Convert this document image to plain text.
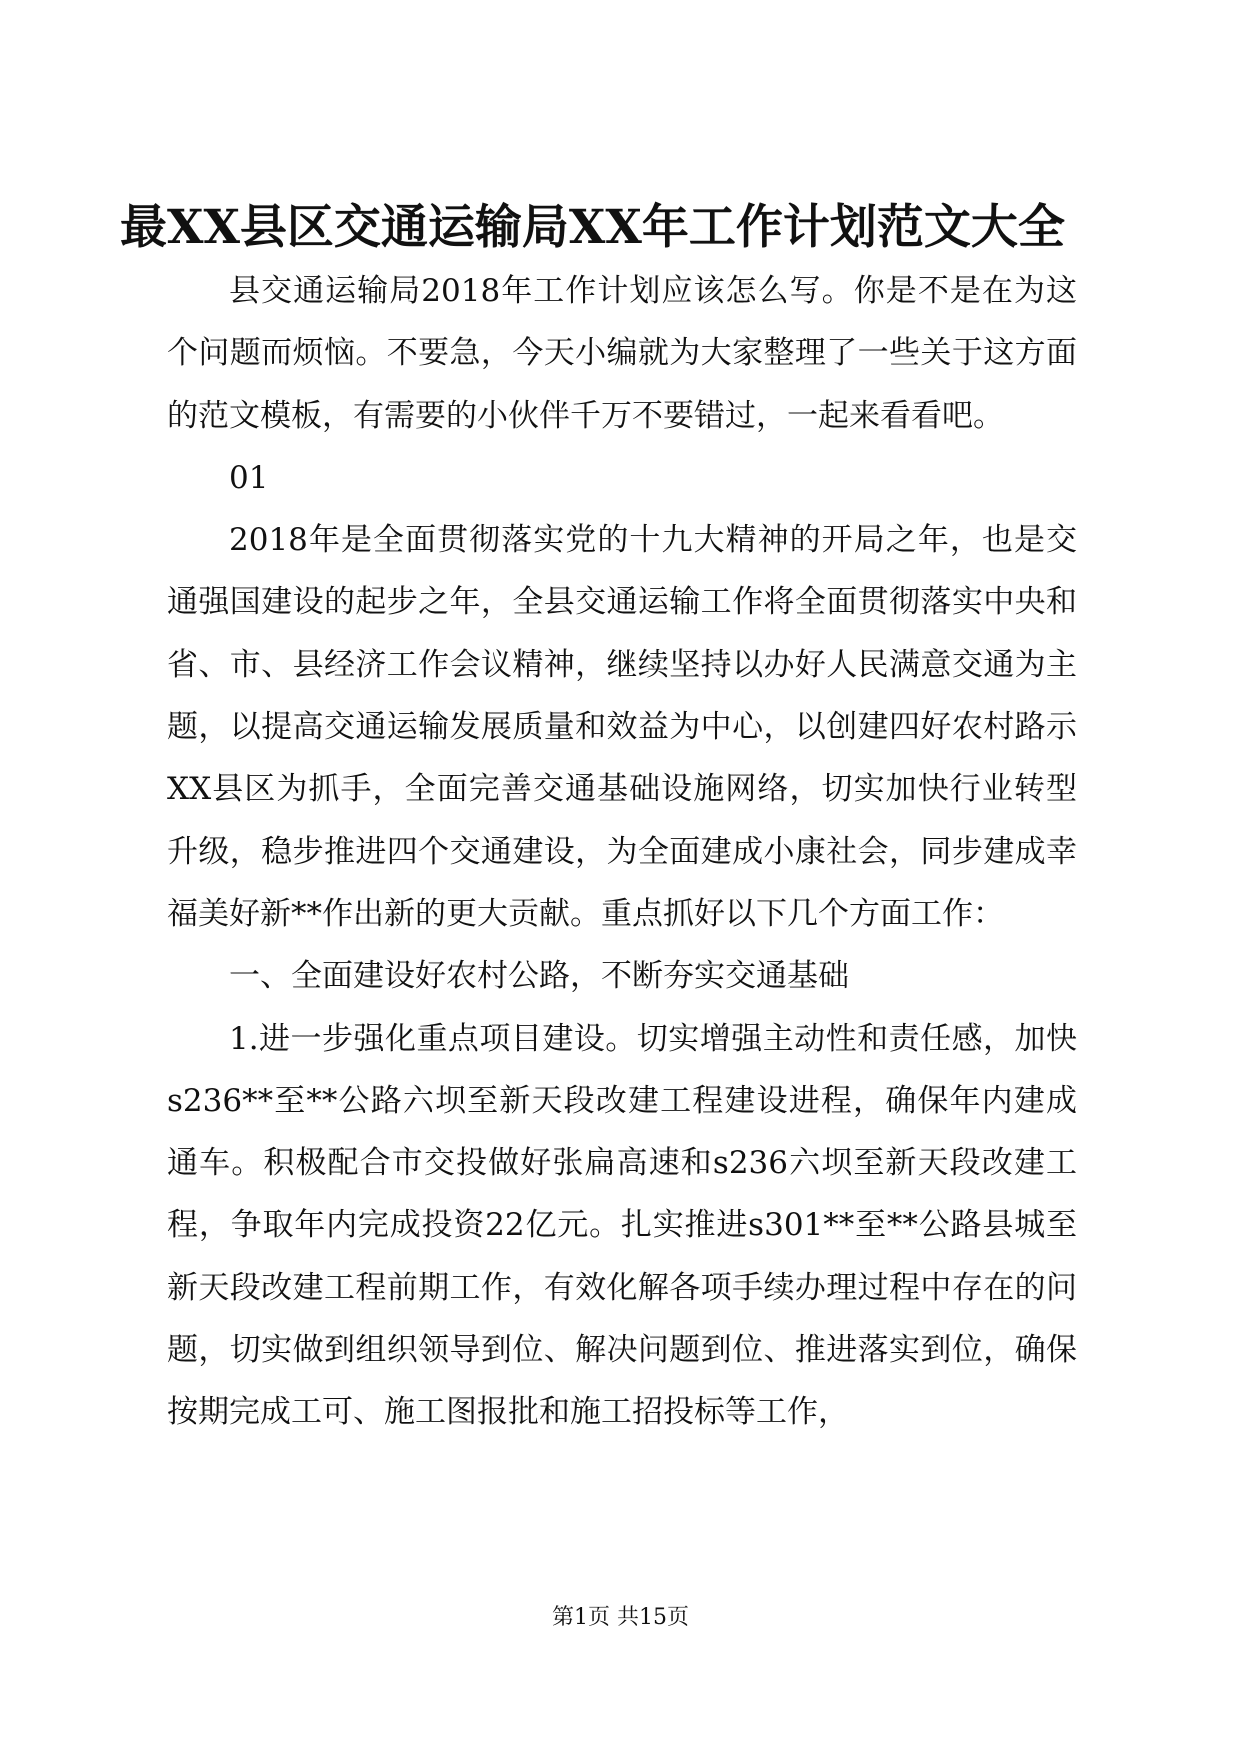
最XX县区交通运输局XX年工作计划范文大全

县交通运输局2018年工作计划应该怎么写。你是不是在为这个问题而烦恼。不要急，今天小编就为大家整理了一些关于这方面的范文模板，有需要的小伙伴千万不要错过，一起来看看吧。

01

2018年是全面贯彻落实党的十九大精神的开局之年，也是交通强国建设的起步之年，全县交通运输工作将全面贯彻落实中央和省、市、县经济工作会议精神，继续坚持以办好人民满意交通为主题，以提高交通运输发展质量和效益为中心，以创建四好农村路示XX县区为抓手，全面完善交通基础设施网络，切实加快行业转型升级，稳步推进四个交通建设，为全面建成小康社会，同步建成幸福美好新**作出新的更大贡献。重点抓好以下几个方面工作：

一、全面建设好农村公路，不断夯实交通基础

1.进一步强化重点项目建设。切实增强主动性和责任感，加快s236**至**公路六坝至新天段改建工程建设进程，确保年内建成通车。积极配合市交投做好张扁高速和s236六坝至新天段改建工程，争取年内完成投资22亿元。扎实推进s301**至**公路县城至新天段改建工程前期工作，有效化解各项手续办理过程中存在的问题，切实做到组织领导到位、解决问题到位、推进落实到位，确保按期完成工可、施工图报批和施工招投标等工作，

第1页 共15页
